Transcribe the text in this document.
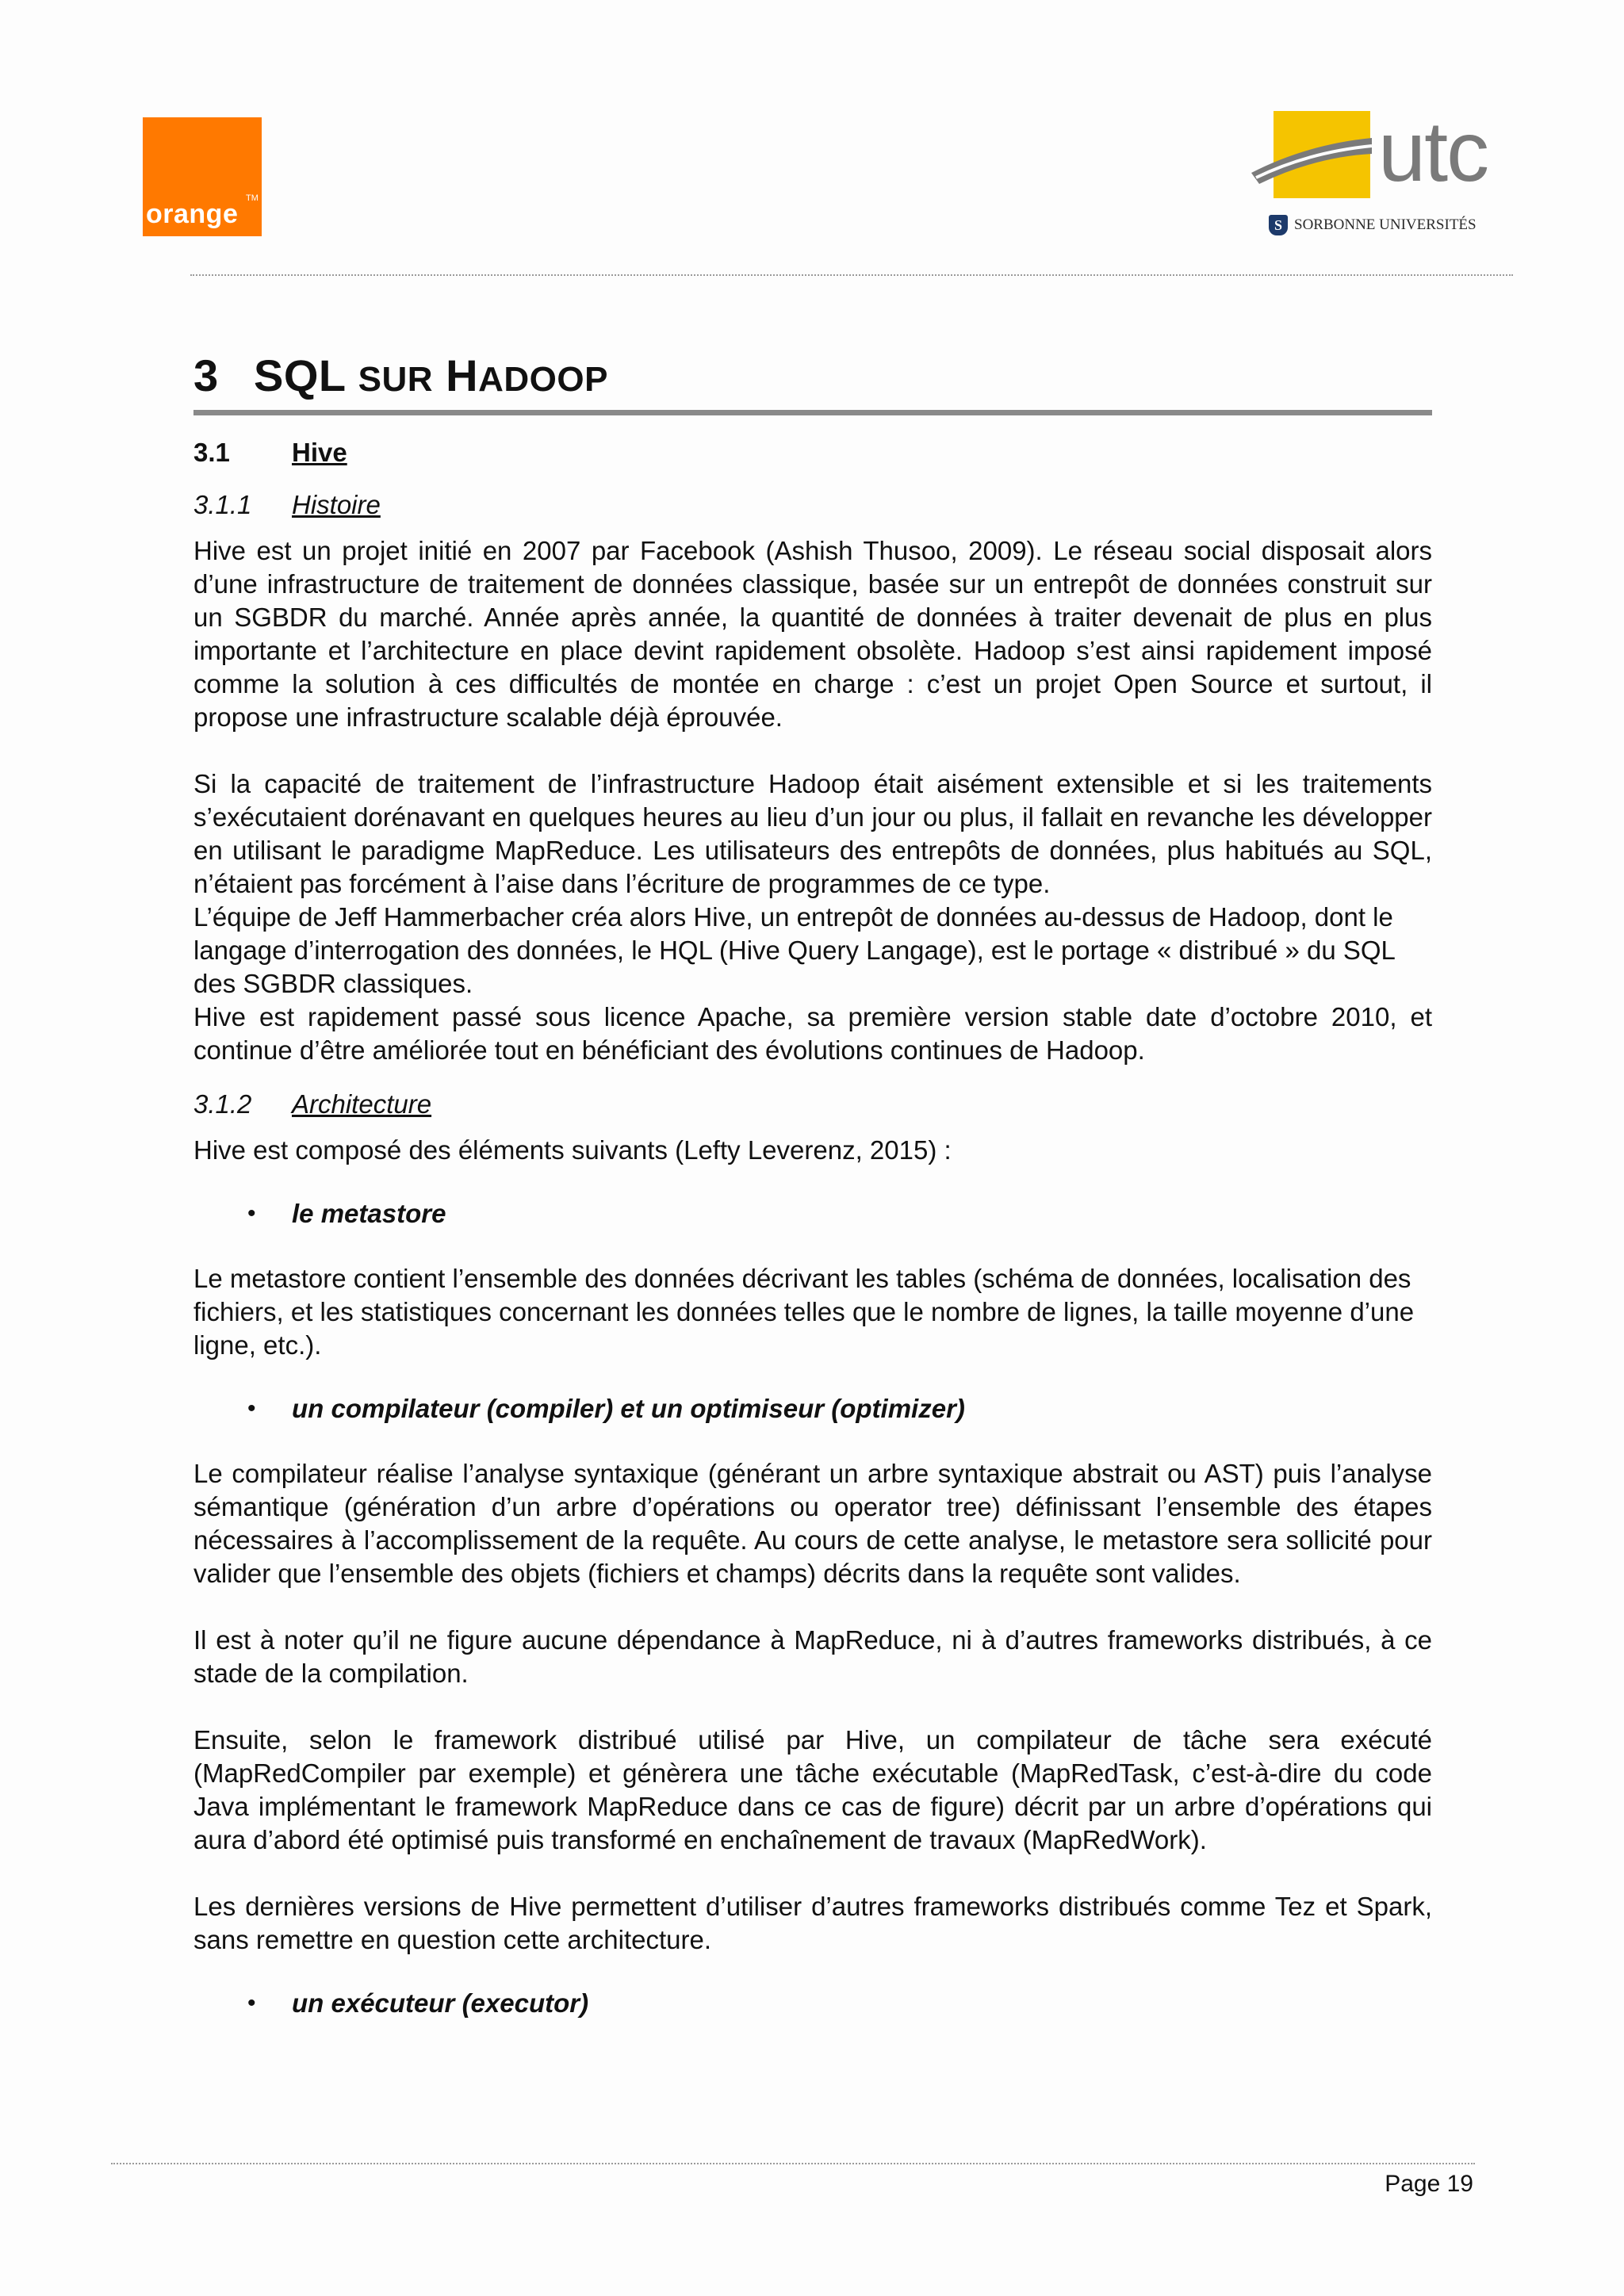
orange
TM	utc
S SORBONNE UNIVERSITÉS
3 SQL SUR HADOOP
3.1 Hive
3.1.1 Histoire

Hive est un projet initié en 2007 par Facebook (Ashish Thusoo, 2009). Le réseau social disposait alors d’une infrastructure de traitement de données classique, basée sur un entrepôt de données construit sur un SGBDR du marché. Année après année, la quantité de données à traiter devenait de plus en plus importante et l’architecture en place devint rapidement obsolète. Hadoop s’est ainsi rapidement imposé comme la solution à ces difficultés de montée en charge : c’est un projet Open Source et surtout, il propose une infrastructure scalable déjà éprouvée.

Si la capacité de traitement de l’infrastructure Hadoop était aisément extensible et si les traitements s’exécutaient dorénavant en quelques heures au lieu d’un jour ou plus, il fallait en revanche les développer en utilisant le paradigme MapReduce. Les utilisateurs des entrepôts de données, plus habitués au SQL, n’étaient pas forcément à l’aise dans l’écriture de programmes de ce type.

L’équipe de Jeff Hammerbacher créa alors Hive, un entrepôt de données au-dessus de Hadoop, dont le langage d’interrogation des données, le HQL (Hive Query Langage), est le portage « distribué » du SQL des SGBDR classiques.

Hive est rapidement passé sous licence Apache, sa première version stable date d’octobre 2010, et continue d’être améliorée tout en bénéficiant des évolutions continues de Hadoop.

3.1.2 Architecture

Hive est composé des éléments suivants (Lefty Leverenz, 2015) :

•	le metastore

Le metastore contient l’ensemble des données décrivant les tables (schéma de données, localisation des fichiers, et les statistiques concernant les données telles que le nombre de lignes, la taille moyenne d’une ligne, etc.).

•	un compilateur (compiler) et un optimiseur (optimizer)

Le compilateur réalise l’analyse syntaxique (générant un arbre syntaxique abstrait ou AST) puis l’analyse sémantique (génération d’un arbre d’opérations ou operator tree) définissant l’ensemble des étapes nécessaires à l’accomplissement de la requête. Au cours de cette analyse, le metastore sera sollicité pour valider que l’ensemble des objets (fichiers et champs) décrits dans la requête sont valides.

Il est à noter qu’il ne figure aucune dépendance à MapReduce, ni à d’autres frameworks distribués, à ce stade de la compilation.

Ensuite, selon le framework distribué utilisé par Hive, un compilateur de tâche sera exécuté (MapRedCompiler par exemple) et génèrera une tâche exécutable (MapRedTask, c’est-à-dire du code Java implémentant le framework MapReduce dans ce cas de figure) décrit par un arbre d’opérations qui aura d’abord été optimisé puis transformé en enchaînement de travaux (MapRedWork).

Les dernières versions de Hive permettent d’utiliser d’autres frameworks distribués comme Tez et Spark, sans remettre en question cette architecture.

•	un exécuteur (executor)
Page 19
